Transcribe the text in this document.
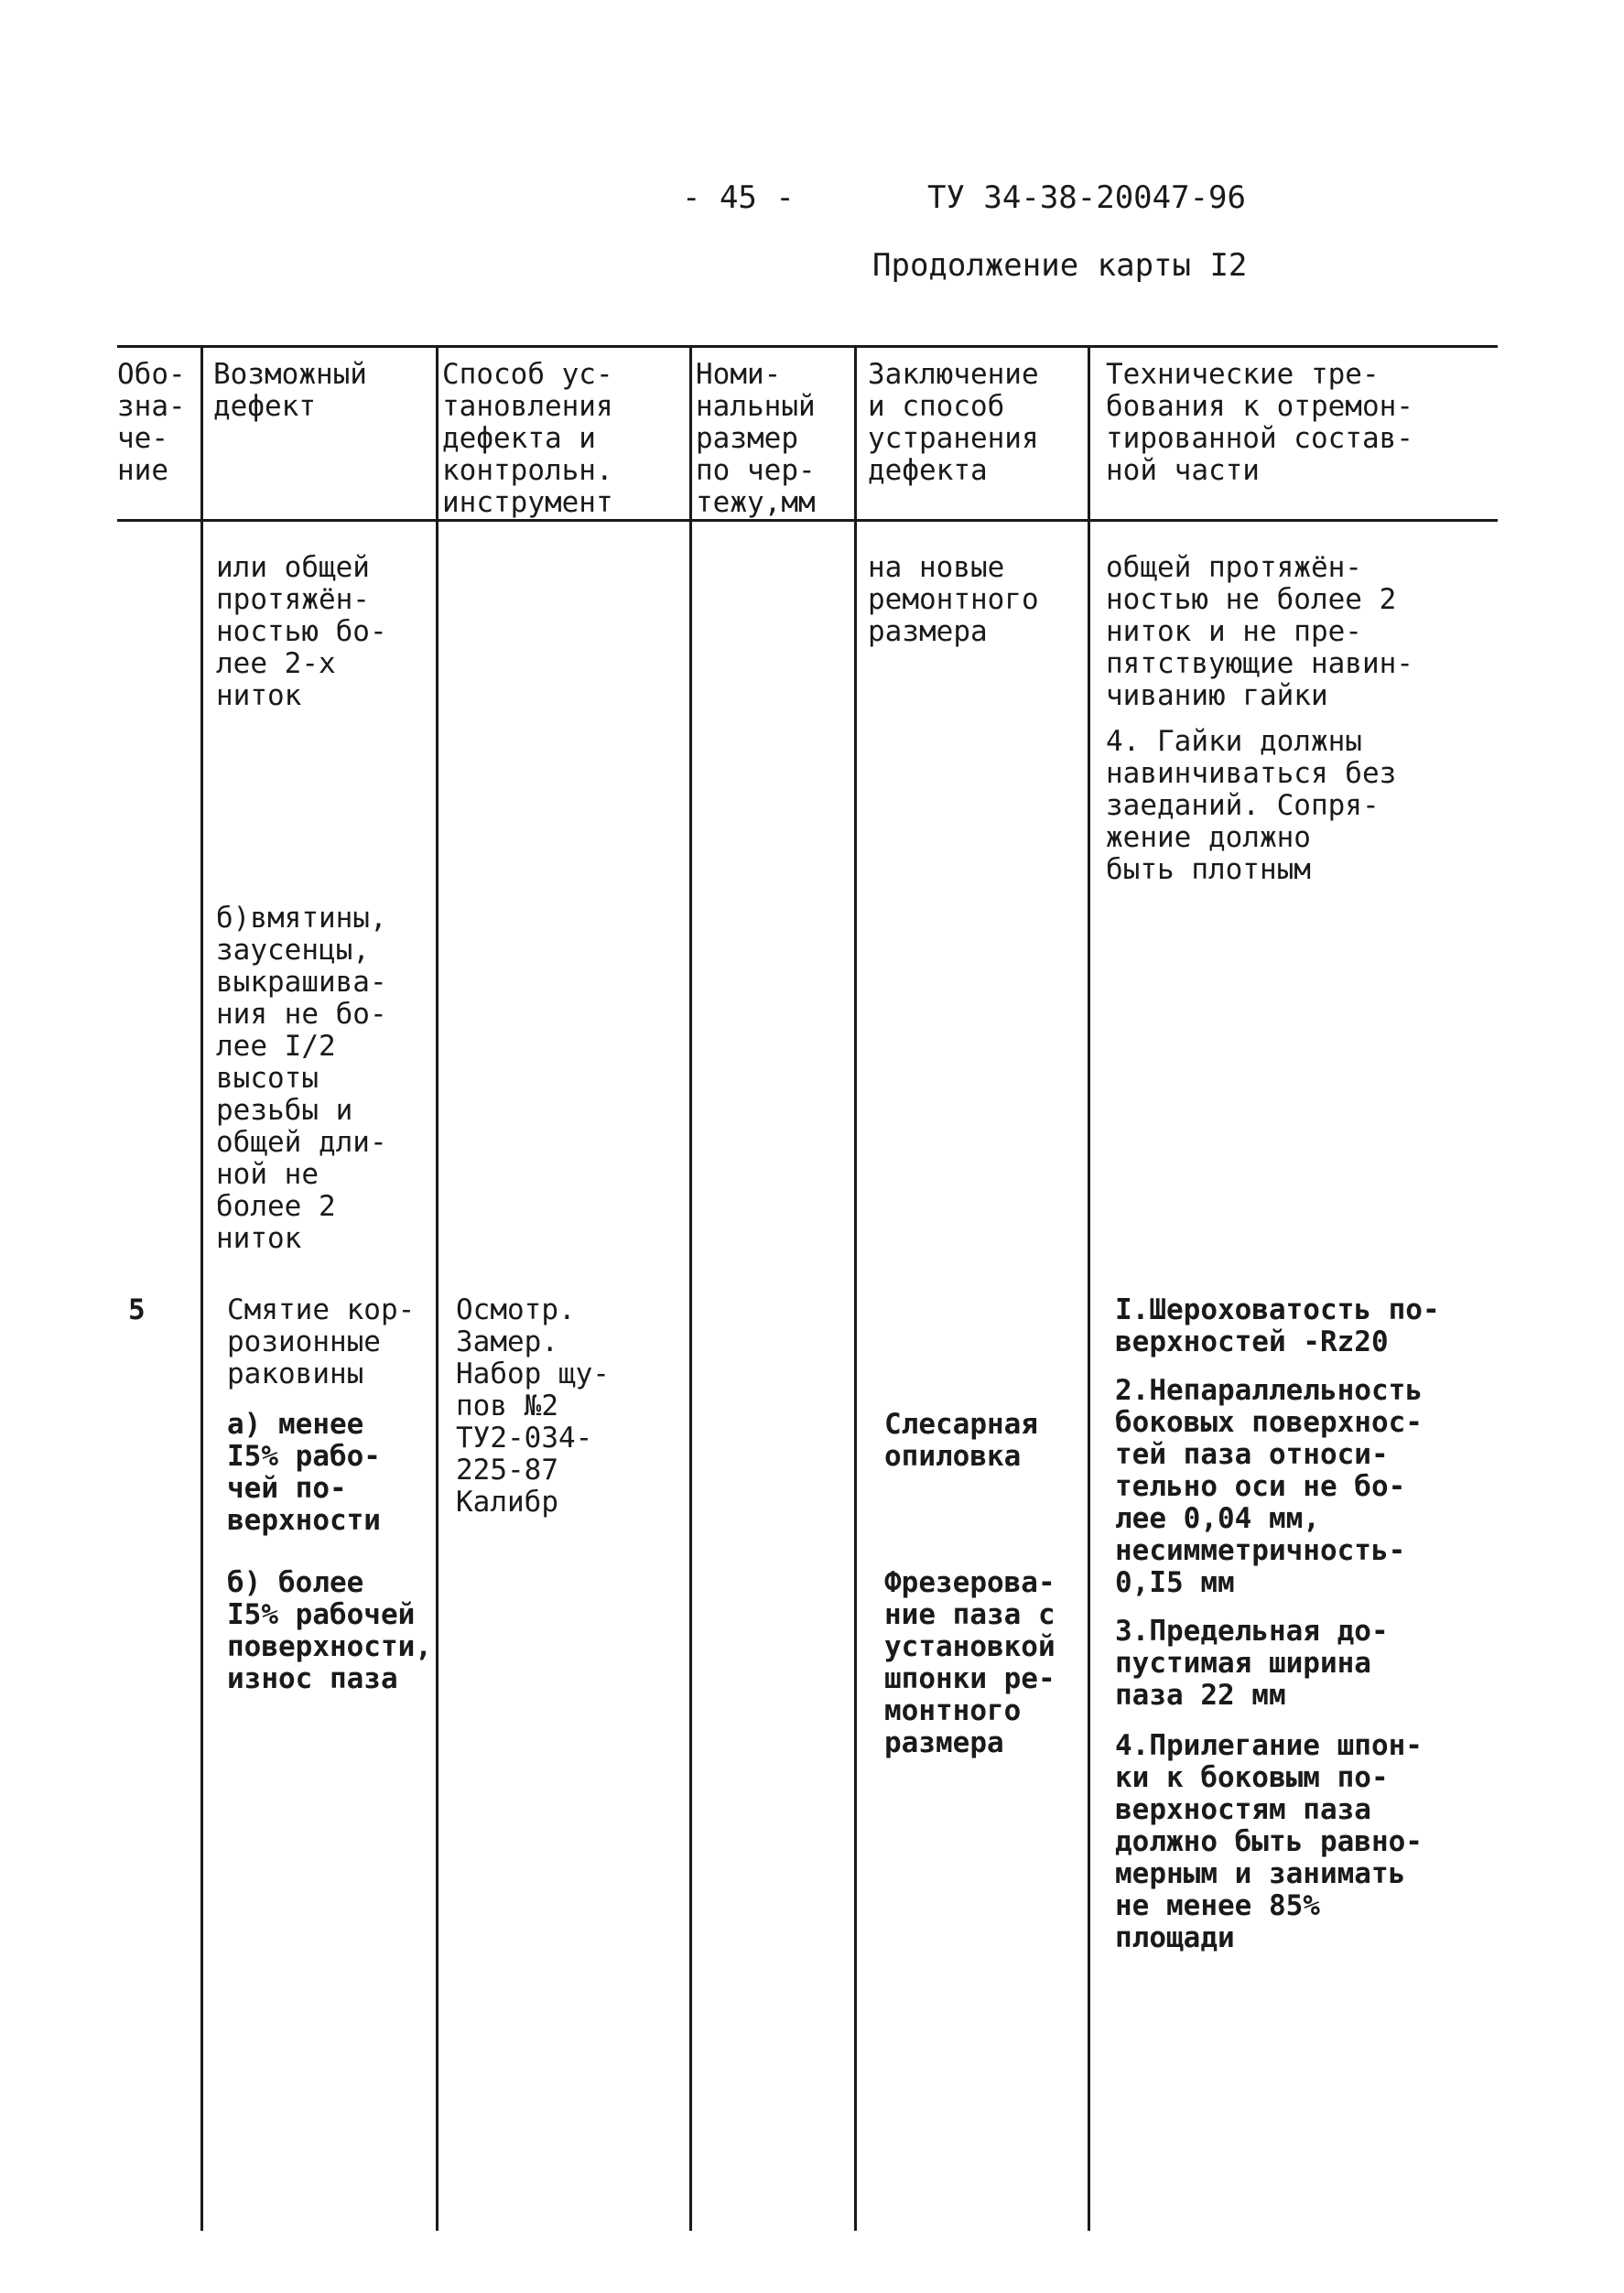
- 45 -	ТУ 34-38-20047-96
Продолжение карты I2
Обо-
зна-
че-
ние
Возможный
дефект
Способ ус-
тановления
дефекта и
контрольн.
инструмент
Номи-
нальный
размер
по чер-
тежу,мм
Заключение
и способ
устранения
дефекта
Технические тре-
бования к отремон-
тированной состав-
ной части
или общей
протяжён-
ностью бо-
лее 2-х
ниток
на новые
ремонтного
размера
общей протяжён-
ностью не более 2
ниток и не пре-
пятствующие навин-
чиванию гайки
4. Гайки должны
навинчиваться без
заеданий. Сопря-
жение должно
быть плотным
б)вмятины,
заусенцы,
выкрашива-
ния не бо-
лее I/2
высоты
резьбы и
общей дли-
ной не
более 2
ниток
5	Смятие кор-
розионные
раковины
а) менее
I5% рабо-
чей по-
верхности
б) более
I5% рабочей
поверхности,
износ паза
Осмотр.
Замер.
Набор щу-
пов №2
ТУ2-034-
225-87
Калибр
Слесарная
опиловка
Фрезерова-
ние паза с
установкой
шпонки ре-
монтного
размера
I.Шероховатость по-
верхностей -Rz20
2.Непараллельность
боковых поверхнос-
тей паза относи-
тельно оси не бо-
лее 0,04 мм,
несимметричность-
0,I5 мм
3.Предельная до-
пустимая ширина
паза 22 мм
4.Прилегание шпон-
ки к боковым по-
верхностям паза
должно быть равно-
мерным и занимать
не менее 85%
площади
